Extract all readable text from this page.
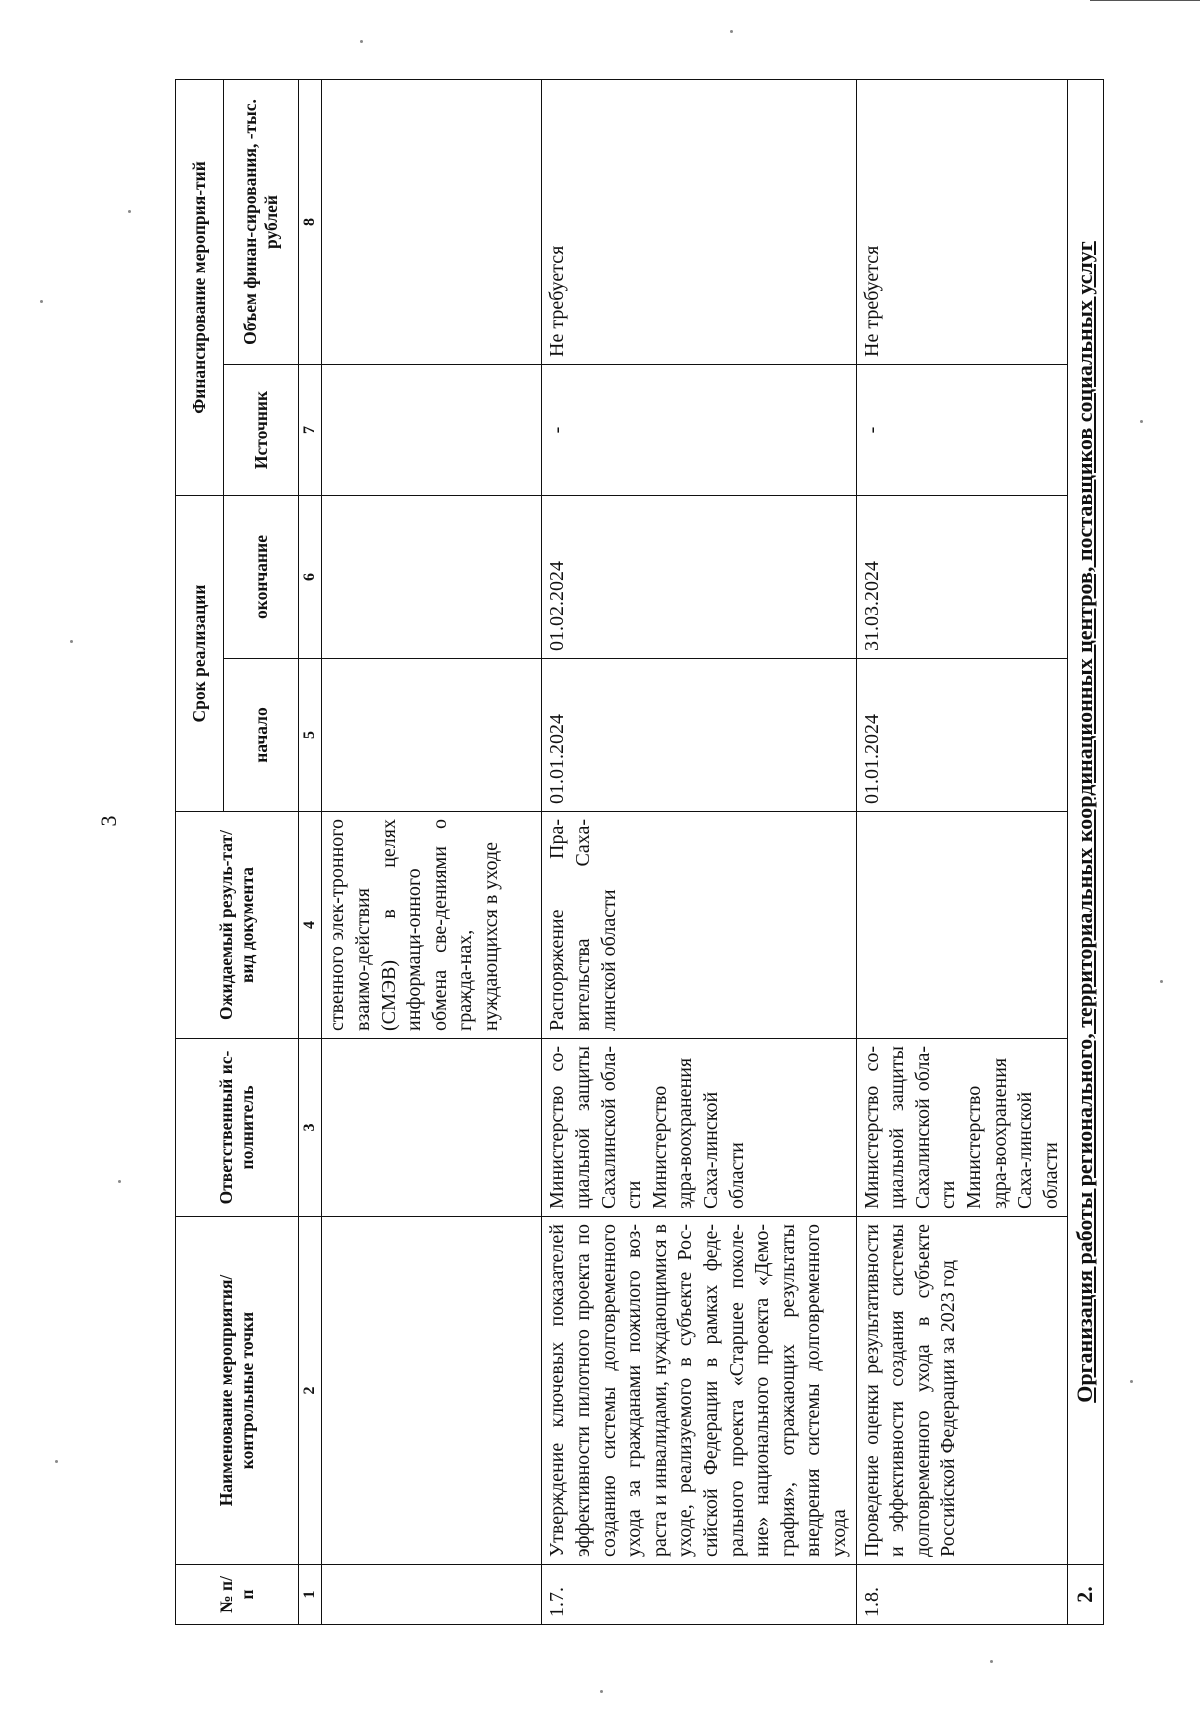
3
№ п/п	Наименование мероприятия/ контрольные точки	Ответственный ис-полнитель	Ожидаемый резуль-тат/вид документа	Срок реализации		Финансирование мероприя-тий	
				начало	окончание	Источник	Объем финан-сирования, -тыс. рублей
1	2	3	4	5	6	7	8
			ственного элек-тронного взаимо-действия (СМЭВ) в целях информаци-онного обмена све-дениями о гражда-нах, нуждающихся в уходе				
1.7.	Утверждение ключевых показателей эффективности пилотного проекта по созданию системы долговременного ухода за гражданами пожилого воз-раста и инвалидами, нуждающимися в уходе, реализуемого в субъекте Рос-сийской Федерации в рамках феде-рального проекта «Старшее поколе-ние» национального проекта «Демо-графия», отражающих результаты внедрения системы долговременного ухода	Министерство со-циальной защиты Сахалинской обла-сти Министерство здра-воохранения Саха-линской области	Распоряжение Пра-вительства Саха-линской области	01.01.2024	01.02.2024	-	Не требуется
1.8.	Проведение оценки результативности и эффективности создания системы долговременного ухода в субъекте Российской Федерации за 2023 год	Министерство со-циальной защиты Сахалинской обла-сти Министерство здра-воохранения Саха-линской области		01.01.2024	31.03.2024	-	Не требуется
2.	Организация работы регионального, территориальных координационных центров, поставщиков социальных услуг						
